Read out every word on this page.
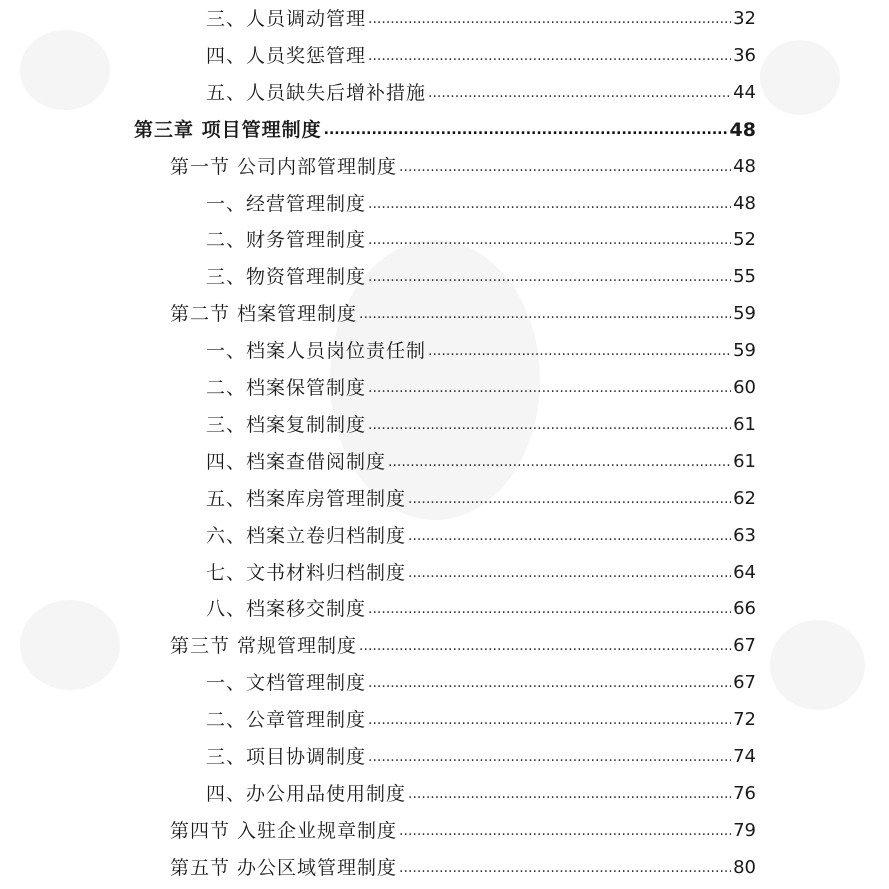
三、人员调动管理 .....	32
四、人员奖惩管理 .....	36
五、人员缺失后增补措施 .....	44
第三章 项目管理制度 .....	48
第一节 公司内部管理制度 .....	48
一、经营管理制度 .....	48
二、财务管理制度 .....	52
三、物资管理制度 .....	55
第二节 档案管理制度 .....	59
一、档案人员岗位责任制 .....	59
二、档案保管制度 .....	60
三、档案复制制度 .....	61
四、档案查借阅制度 .....	61
五、档案库房管理制度 .....	62
六、档案立卷归档制度 .....	63
七、文书材料归档制度 .....	64
八、档案移交制度 .....	66
第三节 常规管理制度 .....	67
一、文档管理制度 .....	67
二、公章管理制度 .....	72
三、项目协调制度 .....	74
四、办公用品使用制度 .....	76
第四节 入驻企业规章制度 .....	79
第五节 办公区域管理制度 .....	80
